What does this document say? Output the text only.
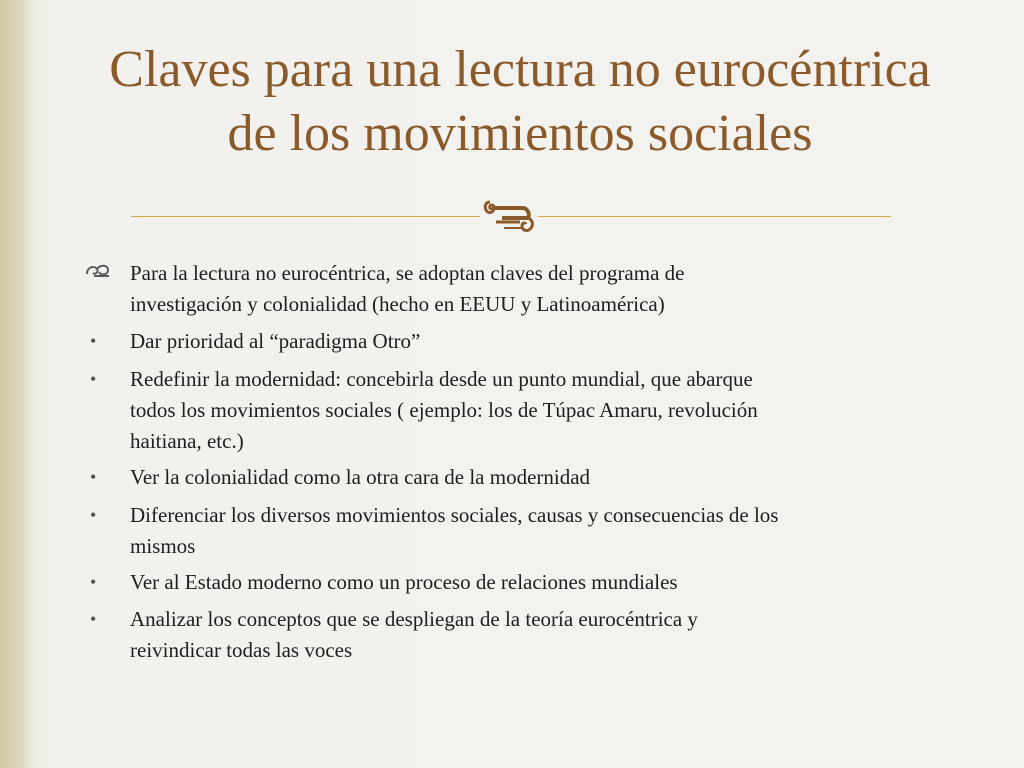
Claves para una lectura no eurocéntrica
de los movimientos sociales
Para la lectura no eurocéntrica, se adoptan claves del programa de
investigación y colonialidad (hecho en EEUU y Latinoamérica)
•	Dar prioridad al “paradigma Otro”
•	Redefinir la modernidad: concebirla desde un punto mundial, que abarque
todos los movimientos sociales ( ejemplo: los de Túpac Amaru, revolución
haitiana, etc.)
•	Ver la colonialidad como la otra cara de la modernidad
•	Diferenciar los diversos movimientos sociales, causas y consecuencias de los
mismos
•	Ver al Estado moderno como un proceso de relaciones mundiales
•	Analizar los conceptos que se despliegan de la teoría eurocéntrica y
reivindicar todas las voces
